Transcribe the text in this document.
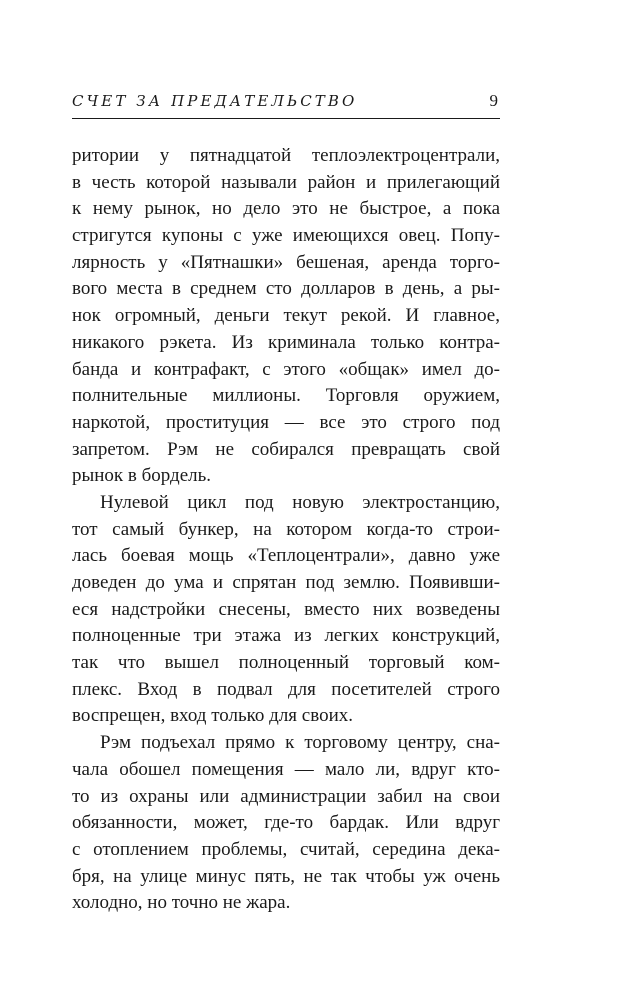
СЧЕТ ЗА ПРЕДАТЕЛЬСТВО	9
ритории у пятнадцатой теплоэлектроцентрали,
в честь которой называли район и прилегающий
к нему рынок, но дело это не быстрое, а пока
стригутся купоны с уже имеющихся овец. Попу-
лярность у «Пятнашки» бешеная, аренда торго-
вого места в среднем сто долларов в день, а ры-
нок огромный, деньги текут рекой. И главное,
никакого рэкета. Из криминала только контра-
банда и контрафакт, с этого «общак» имел до-
полнительные миллионы. Торговля оружием,
наркотой, проституция — все это строго под
запретом. Рэм не собирался превращать свой
рынок в бордель.
Нулевой цикл под новую электростанцию,
тот самый бункер, на котором когда-то строи-
лась боевая мощь «Теплоцентрали», давно уже
доведен до ума и спрятан под землю. Появивши-
еся надстройки снесены, вместо них возведены
полноценные три этажа из легких конструкций,
так что вышел полноценный торговый ком-
плекс. Вход в подвал для посетителей строго
воспрещен, вход только для своих.
Рэм подъехал прямо к торговому центру, сна-
чала обошел помещения — мало ли, вдруг кто-
то из охраны или администрации забил на свои
обязанности, может, где-то бардак. Или вдруг
с отоплением проблемы, считай, середина дека-
бря, на улице минус пять, не так чтобы уж очень
холодно, но точно не жара.
